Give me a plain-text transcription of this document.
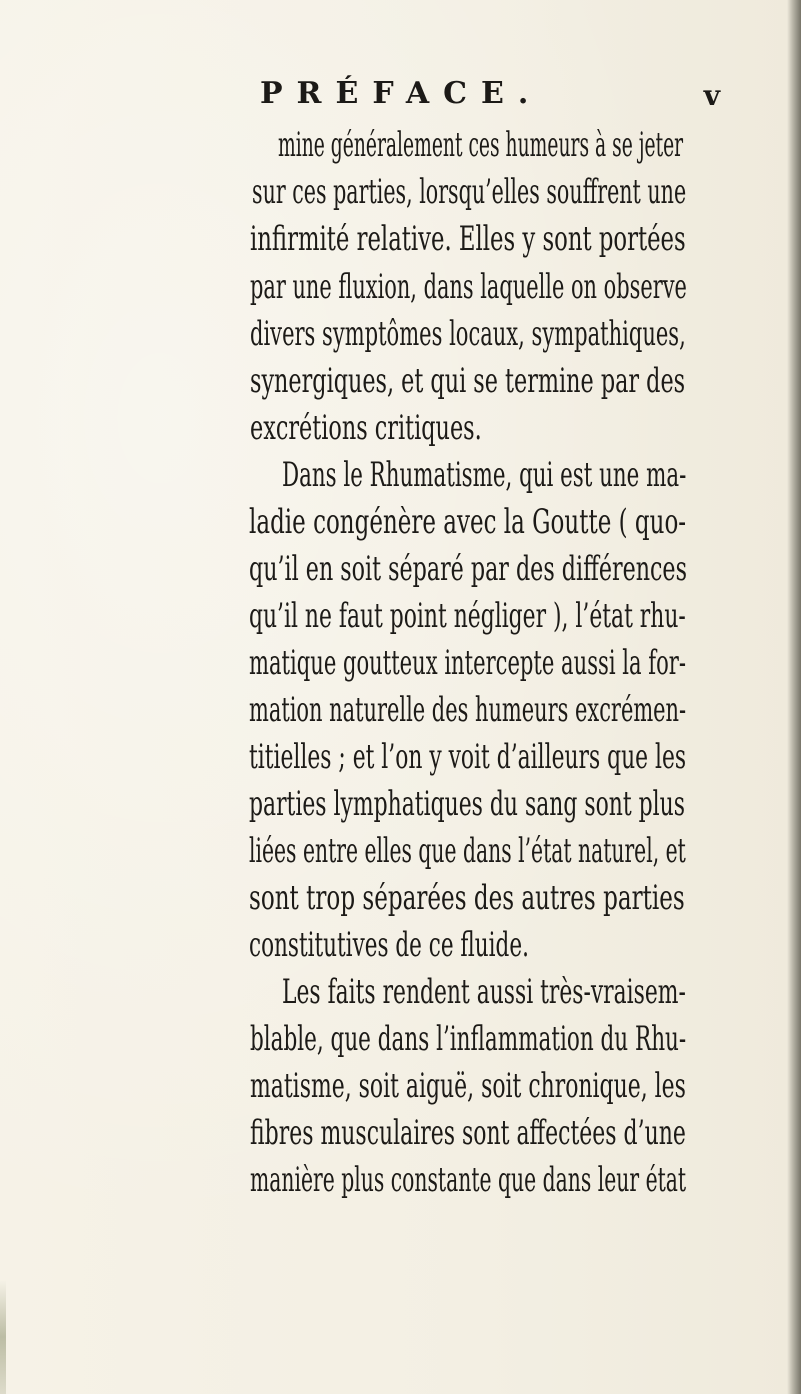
PRÉFACE.	v
mine généralement ces humeurs à se jeter
sur ces parties, lorsqu’elles souffrent une
infirmité relative. Elles y sont portées
par une fluxion, dans laquelle on observe
divers symptômes locaux, sympathiques,
synergiques, et qui se termine par des
excrétions critiques.
Dans le Rhumatisme, qui est une ma-
ladie congénère avec la Goutte ( quo-
qu’il en soit séparé par des différences
qu’il ne faut point négliger ), l’état rhu-
matique goutteux intercepte aussi la for-
mation naturelle des humeurs excrémen-
titielles ; et l’on y voit d’ailleurs que les
parties lymphatiques du sang sont plus
liées entre elles que dans l’état naturel, et
sont trop séparées des autres parties
constitutives de ce fluide.
Les faits rendent aussi très-vraisem-
blable, que dans l’inflammation du Rhu-
matisme, soit aiguë, soit chronique, les
fibres musculaires sont affectées d’une
manière plus constante que dans leur état
